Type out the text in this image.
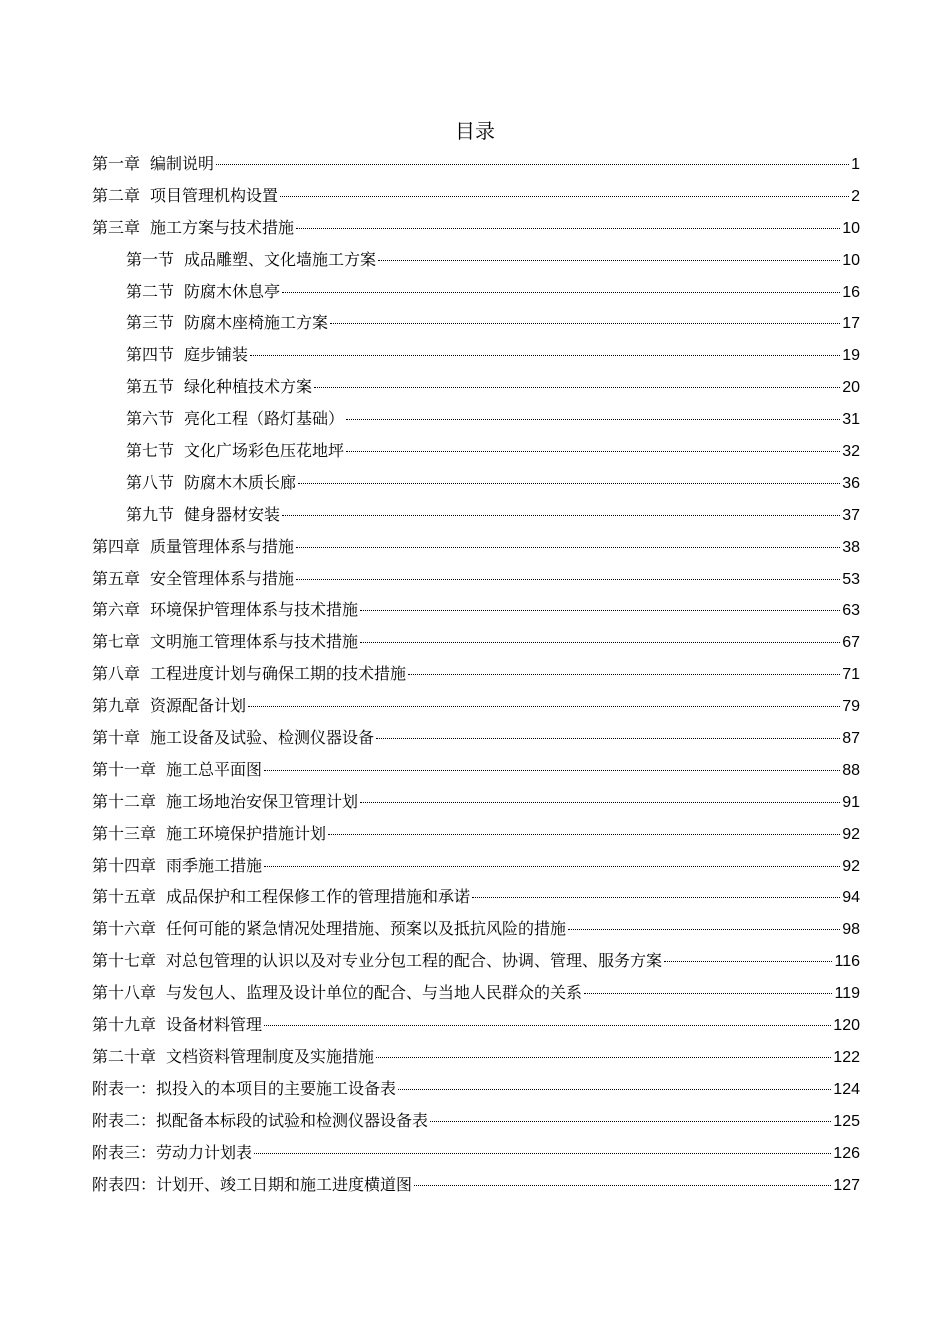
目录
第一章 编制说明	1
第二章 项目管理机构设置	2
第三章 施工方案与技术措施	10
第一节 成品雕塑、文化墙施工方案	10
第二节 防腐木休息亭	16
第三节 防腐木座椅施工方案	17
第四节 庭步铺装	19
第五节 绿化种植技术方案	20
第六节 亮化工程（路灯基础）	31
第七节 文化广场彩色压花地坪	32
第八节 防腐木木质长廊	36
第九节 健身器材安装	37
第四章 质量管理体系与措施	38
第五章 安全管理体系与措施	53
第六章 环境保护管理体系与技术措施	63
第七章 文明施工管理体系与技术措施	67
第八章 工程进度计划与确保工期的技术措施	71
第九章 资源配备计划	79
第十章 施工设备及试验、检测仪器设备	87
第十一章 施工总平面图	88
第十二章 施工场地治安保卫管理计划	91
第十三章 施工环境保护措施计划	92
第十四章 雨季施工措施	92
第十五章 成品保护和工程保修工作的管理措施和承诺	94
第十六章 任何可能的紧急情况处理措施、预案以及抵抗风险的措施	98
第十七章 对总包管理的认识以及对专业分包工程的配合、协调、管理、服务方案	116
第十八章 与发包人、监理及设计单位的配合、与当地人民群众的关系	119
第十九章 设备材料管理	120
第二十章 文档资料管理制度及实施措施	122
附表一：拟投入的本项目的主要施工设备表	124
附表二：拟配备本标段的试验和检测仪器设备表	125
附表三：劳动力计划表	126
附表四：计划开、竣工日期和施工进度横道图	127
